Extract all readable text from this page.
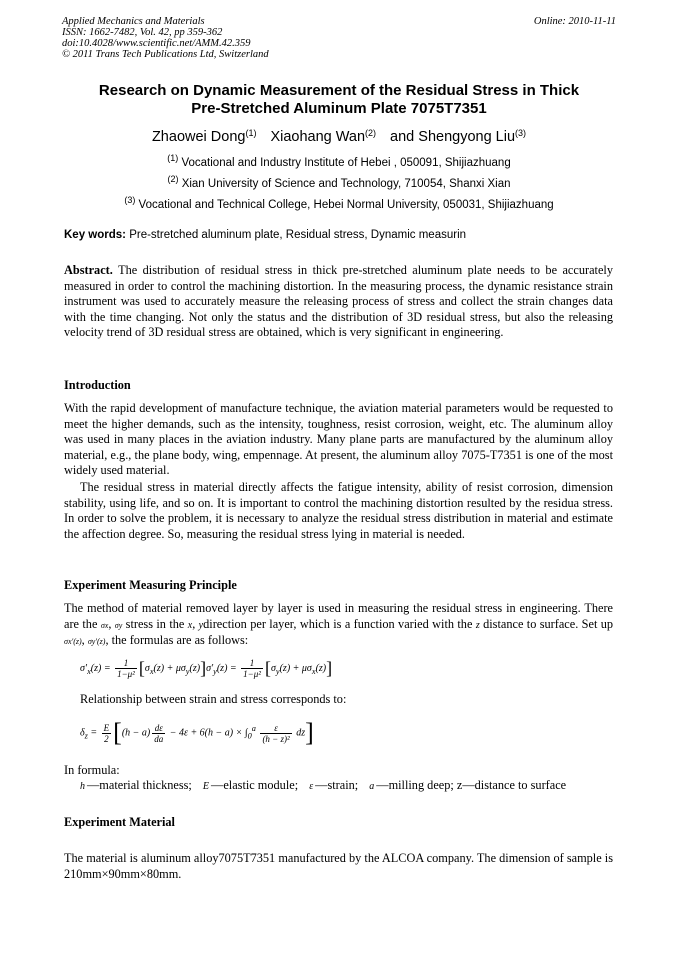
Applied Mechanics and Materials
ISSN: 1662-7482, Vol. 42, pp 359-362
doi:10.4028/www.scientific.net/AMM.42.359
© 2011 Trans Tech Publications Ltd, Switzerland
Online: 2010-11-11
Research on Dynamic Measurement of the Residual Stress in Thick
Pre-Stretched Aluminum Plate 7075T7351
Zhaowei Dong$^{(1)}$ Xiaohang Wan$^{(2)}$ and Shengyong Liu$^{(3)}$
$^{(1)}$ Vocational and Industry Institute of Hebei , 050091, Shijiazhuang
$^{(2)}$ Xian University of Science and Technology, 710054, Shanxi Xian
$^{(3)}$ Vocational and Technical College, Hebei Normal University, 050031, Shijiazhuang
Key words: Pre-stretched aluminum plate, Residual stress, Dynamic measurin
Abstract. The distribution of residual stress in thick pre-stretched aluminum plate needs to be accurately measured in order to control the machining distortion. In the measuring process, the dynamic resistance strain instrument was used to accurately measure the releasing process of stress and collect the strain changes data with the time changing. Not only the status and the distribution of 3D residual stress, but also the releasing velocity trend of 3D residual stress are obtained, which is very significant in engineering.
Introduction
With the rapid development of manufacture technique, the aviation material parameters would be requested to meet the higher demands, such as the intensity, toughness, resist corrosion, weight, etc. The aluminum alloy was used in many places in the aviation industry. Many plane parts are manufactured by the aluminum alloy material, e.g., the plane body, wing, empennage. At present, the aluminum alloy 7075-T7351 is one of the most widely used material.
The residual stress in material directly affects the fatigue intensity, ability of resist corrosion, dimension stability, using life, and so on. It is important to control the machining distortion resulted by the residua stress. In order to solve the problem, it is necessary to analyze the residual stress distribution in material and estimate the affection degree. So, measuring the residual stress lying in material is needed.
Experiment Measuring Principle
The method of material removed layer by layer is used in measuring the residual stress in engineering. There are the σx, σy stress in the x, ydirection per layer, which is a function varied with the z distance to surface. Set up σx'(z), σy'(z), the formulas are as follows:
$\sigma'_x(z) = \frac{1}{\text{1−μ²}} [\sigma_x(z) + \mu\sigma_y(z)]\sigma'_y(z) = \frac{1}{\text{1−μ²}} [\sigma_y(z) + \mu\sigma_x(z)]$
Relationship between strain and stress corresponds to:
$\delta_z = \frac{E}{2} [(h - a) \frac{d\varepsilon}{da} - 4\varepsilon + 6(h - a) \times \int_0^a \frac{\varepsilon}{\text{(h − z)²}} dz]$
In formula:
h —material thickness; E —elastic module; ε —strain; a —milling deep; z—distance to surface
Experiment Material
The material is aluminum alloy7075T7351 manufactured by the ALCOA company. The dimension of sample is 210mm×90mm×80mm.
